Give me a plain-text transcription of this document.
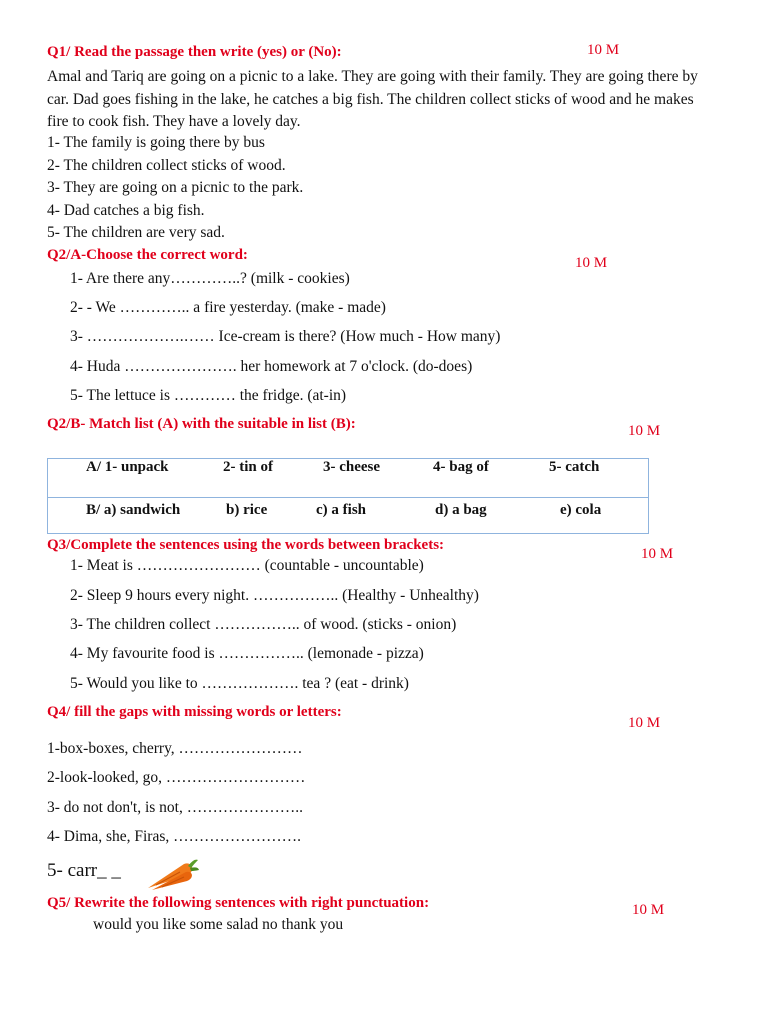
Q1/ Read the passage then write (yes) or (No):	10 M
Amal and Tariq are going on a picnic to a lake. They are going with their family. They are going there by car. Dad goes fishing in the lake, he catches a big fish. The children collect sticks of wood and he makes fire to cook fish. They have a lovely day.
1- The family is going there by bus
2- The children collect sticks of wood.
3- They are going on a picnic to the park.
4- Dad catches a big fish.
5- The children are very sad.
Q2/A-Choose the correct word:	10 M
1- Are there any…………..? (milk - cookies)
2- - We ………….. a fire yesterday. (make - made)
3- ……………….…… Ice-cream is there? (How much - How many)
4- Huda …………………. her homework at 7 o'clock. (do-does)
5- The lettuce is ………… the fridge. (at-in)
Q2/B- Match list (A) with the suitable in list (B):	10 M
A/ 1- unpack	2- tin of	3- cheese	4- bag of	5- catch
B/ a) sandwich	b) rice	c) a fish	d) a bag	e) cola
Q3/Complete the sentences using the words between brackets:
10 M
1- Meat is …………………… (countable - uncountable)
2- Sleep 9 hours every night. …………….. (Healthy - Unhealthy)
3- The children collect …………….. of wood. (sticks - onion)
4- My favourite food is …………….. (lemonade - pizza)
5- Would you like to ………………. tea ? (eat - drink)
Q4/ fill the gaps with missing words or letters:
10 M
1-box-boxes, cherry, ……………………
2-look-looked, go, ………………………
3- do not don't, is not, …………………..
4- Dima, she, Firas, …………………….
5- carr_ _
Q5/ Rewrite the following sentences with right punctuation:	10 M
would you like some salad no thank you
